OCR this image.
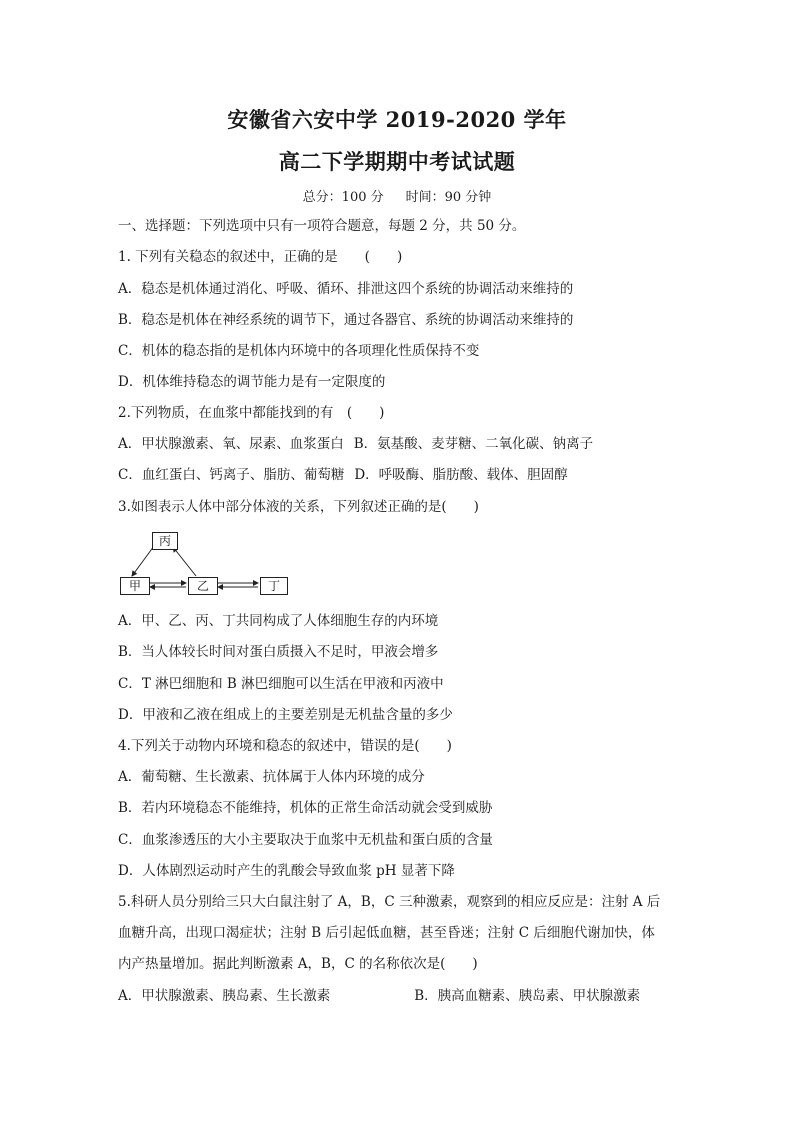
安徽省六安中学 2019-2020 学年
高二下学期期中考试试题
总分：100 分 时间：90 分钟
一、选择题：下列选项中只有一项符合题意，每题 2 分，共 50 分。
1. 下列有关稳态的叙述中，正确的是　　(　　)
A．稳态是机体通过消化、呼吸、循环、排泄这四个系统的协调活动来维持的
B．稳态是机体在神经系统的调节下，通过各器官、系统的协调活动来维持的
C．机体的稳态指的是机体内环境中的各项理化性质保持不变
D．机体维持稳态的调节能力是有一定限度的
2.下列物质，在血浆中都能找到的有　(　　)
A．甲状腺激素、氧、尿素、血浆蛋白 B．氨基酸、麦芽糖、二氧化碳、钠离子
C．血红蛋白、钙离子、脂肪、葡萄糖 D．呼吸酶、脂肪酸、载体、胆固醇
3.如图表示人体中部分体液的关系，下列叙述正确的是(　　)
丙
甲	乙	丁
A．甲、乙、丙、丁共同构成了人体细胞生存的内环境
B．当人体较长时间对蛋白质摄入不足时，甲液会增多
C．T 淋巴细胞和 B 淋巴细胞可以生活在甲液和丙液中
D．甲液和乙液在组成上的主要差别是无机盐含量的多少
4.下列关于动物内环境和稳态的叙述中，错误的是(　　)
A．葡萄糖、生长激素、抗体属于人体内环境的成分
B．若内环境稳态不能维持，机体的正常生命活动就会受到威胁
C．血浆渗透压的大小主要取决于血浆中无机盐和蛋白质的含量
D．人体剧烈运动时产生的乳酸会导致血浆 pH 显著下降
5.科研人员分别给三只大白鼠注射了 A，B，C 三种激素，观察到的相应反应是：注射 A 后
血糖升高，出现口渴症状；注射 B 后引起低血糖，甚至昏迷；注射 C 后细胞代谢加快，体
内产热量增加。据此判断激素 A，B，C 的名称依次是(　　)
A．甲状腺激素、胰岛素、生长激素	B．胰高血糖素、胰岛素、甲状腺激素
